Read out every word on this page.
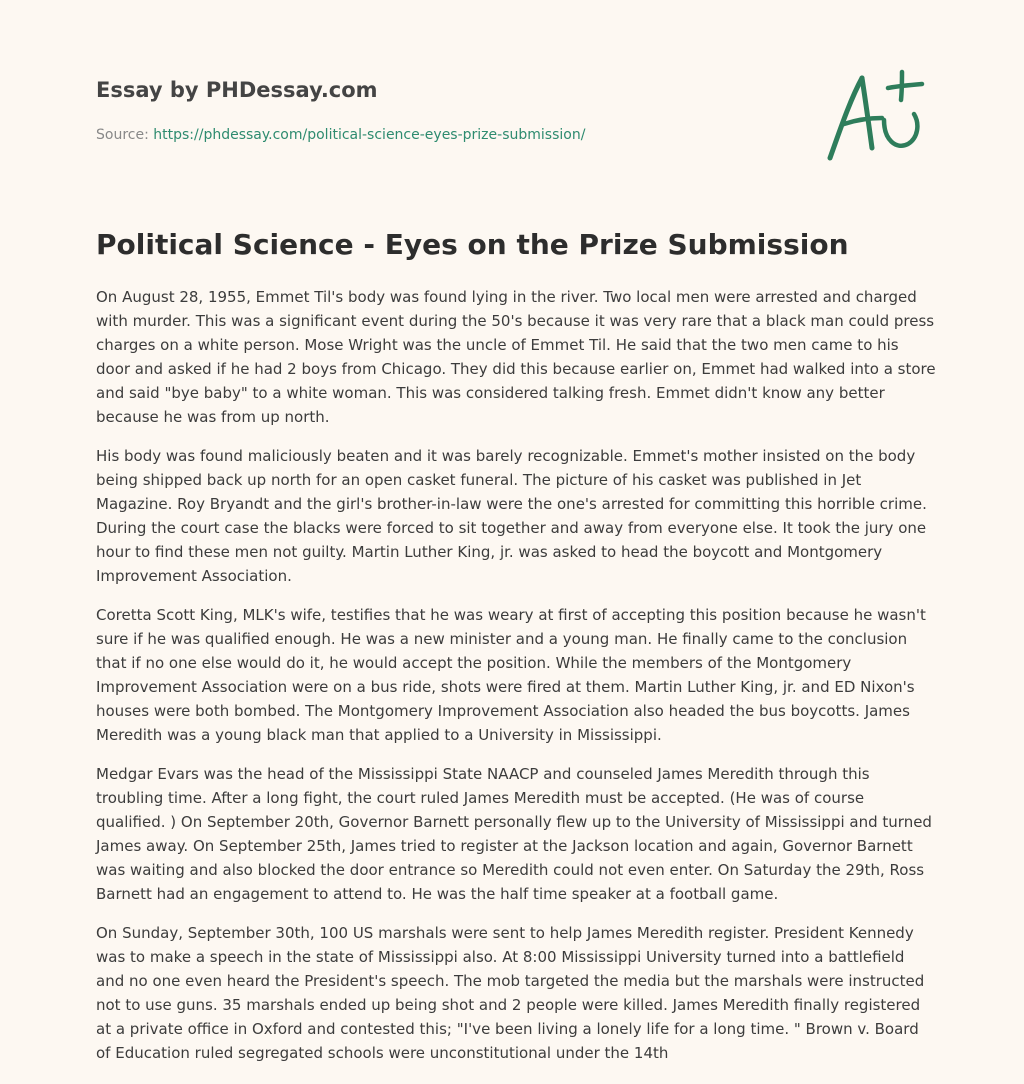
Essay by PHDessay.com
Source: https://phdessay.com/political-science-eyes-prize-submission/
Political Science - Eyes on the Prize Submission

On August 28, 1955, Emmet Til's body was found lying in the river. Two local men were arrested and charged with murder. This was a significant event during the 50's because it was very rare that a black man could press charges on a white person. Mose Wright was the uncle of Emmet Til. He said that the two men came to his door and asked if he had 2 boys from Chicago. They did this because earlier on, Emmet had walked into a store and said "bye baby" to a white woman. This was considered talking fresh. Emmet didn't know any better because he was from up north.

His body was found maliciously beaten and it was barely recognizable. Emmet's mother insisted on the body being shipped back up north for an open casket funeral. The picture of his casket was published in Jet Magazine. Roy Bryandt and the girl's brother-in-law were the one's arrested for committing this horrible crime. During the court case the blacks were forced to sit together and away from everyone else. It took the jury one hour to find these men not guilty. Martin Luther King, jr. was asked to head the boycott and Montgomery Improvement Association.

Coretta Scott King, MLK's wife, testifies that he was weary at first of accepting this position because he wasn't sure if he was qualified enough. He was a new minister and a young man. He finally came to the conclusion that if no one else would do it, he would accept the position. While the members of the Montgomery Improvement Association were on a bus ride, shots were fired at them. Martin Luther King, jr. and ED Nixon's houses were both bombed. The Montgomery Improvement Association also headed the bus boycotts. James Meredith was a young black man that applied to a University in Mississippi.

Medgar Evars was the head of the Mississippi State NAACP and counseled James Meredith through this troubling time. After a long fight, the court ruled James Meredith must be accepted. (He was of course qualified. ) On September 20th, Governor Barnett personally flew up to the University of Mississippi and turned James away. On September 25th, James tried to register at the Jackson location and again, Governor Barnett was waiting and also blocked the door entrance so Meredith could not even enter. On Saturday the 29th, Ross Barnett had an engagement to attend to. He was the half time speaker at a football game.

On Sunday, September 30th, 100 US marshals were sent to help James Meredith register. President Kennedy was to make a speech in the state of Mississippi also. At 8:00 Mississippi University turned into a battlefield and no one even heard the President's speech. The mob targeted the media but the marshals were instructed not to use guns. 35 marshals ended up being shot and 2 people were killed. James Meredith finally registered at a private office in Oxford and contested this; "I've been living a lonely life for a long time. " Brown v. Board of Education ruled segregated schools were unconstitutional under the 14th
